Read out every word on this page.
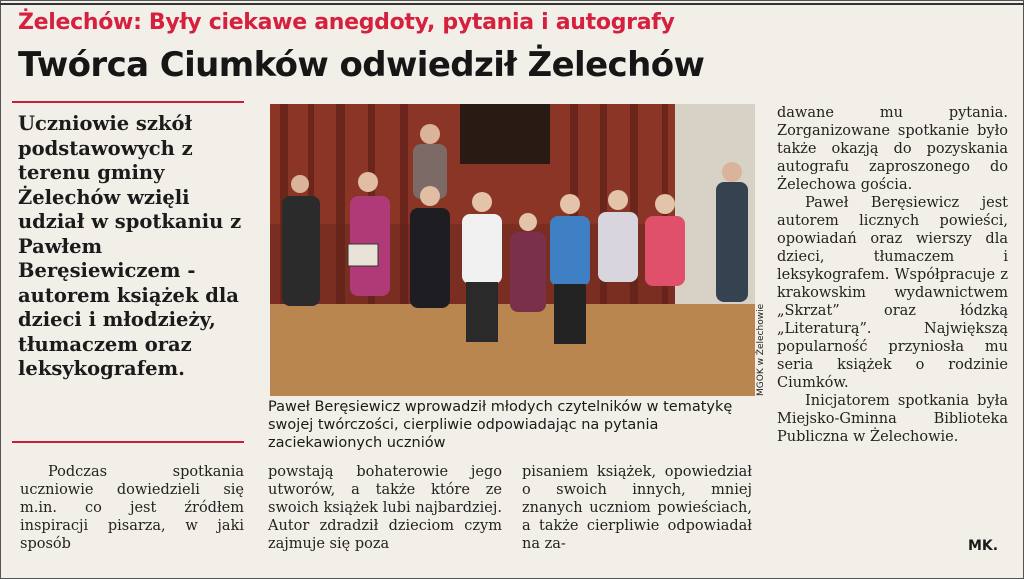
Żelechów: Były ciekawe anegdoty, pytania i autografy
Twórca Ciumków odwiedził Żelechów
Uczniowie szkół podstawowych z terenu gminy Żelechów wzięli udział w spotkaniu z Pawłem Beręsiewiczem - autorem książek dla dzieci i młodzieży, tłumaczem oraz leksykografem.
Podczas spotkania uczniowie dowiedzieli się m.in. co jest źródłem inspiracji pisarza, w jaki sposób
powstają bohaterowie jego utworów, a także które ze swoich książek lubi najbardziej. Autor zdradził dzieciom czym zajmuje się poza
pisaniem książek, opowiedział o swoich innych, mniej znanych uczniom powieściach, a także cierpliwie odpowiadał na za-
dawane mu pytania. Zorganizowane spotkanie było także okazją do pozyskania autografu zaproszonego do Żelechowa gościa.
Paweł Beręsiewicz jest autorem licznych powieści, opowiadań oraz wierszy dla dzieci, tłumaczem i leksykografem. Współpracuje z krakowskim wydawnictwem „Skrzat” oraz łódzką „Literaturą”. Największą popularność przyniosła mu seria książek o rodzinie Ciumków.
Inicjatorem spotkania była Miejsko-Gminna Biblioteka Publiczna w Żelechowie.
MGOK w Żelechowie
Paweł Beręsiewicz wprowadził młodych czytelników w tematykę swojej twórczości, cierpliwie odpowiadając na pytania zaciekawionych uczniów
MK.
